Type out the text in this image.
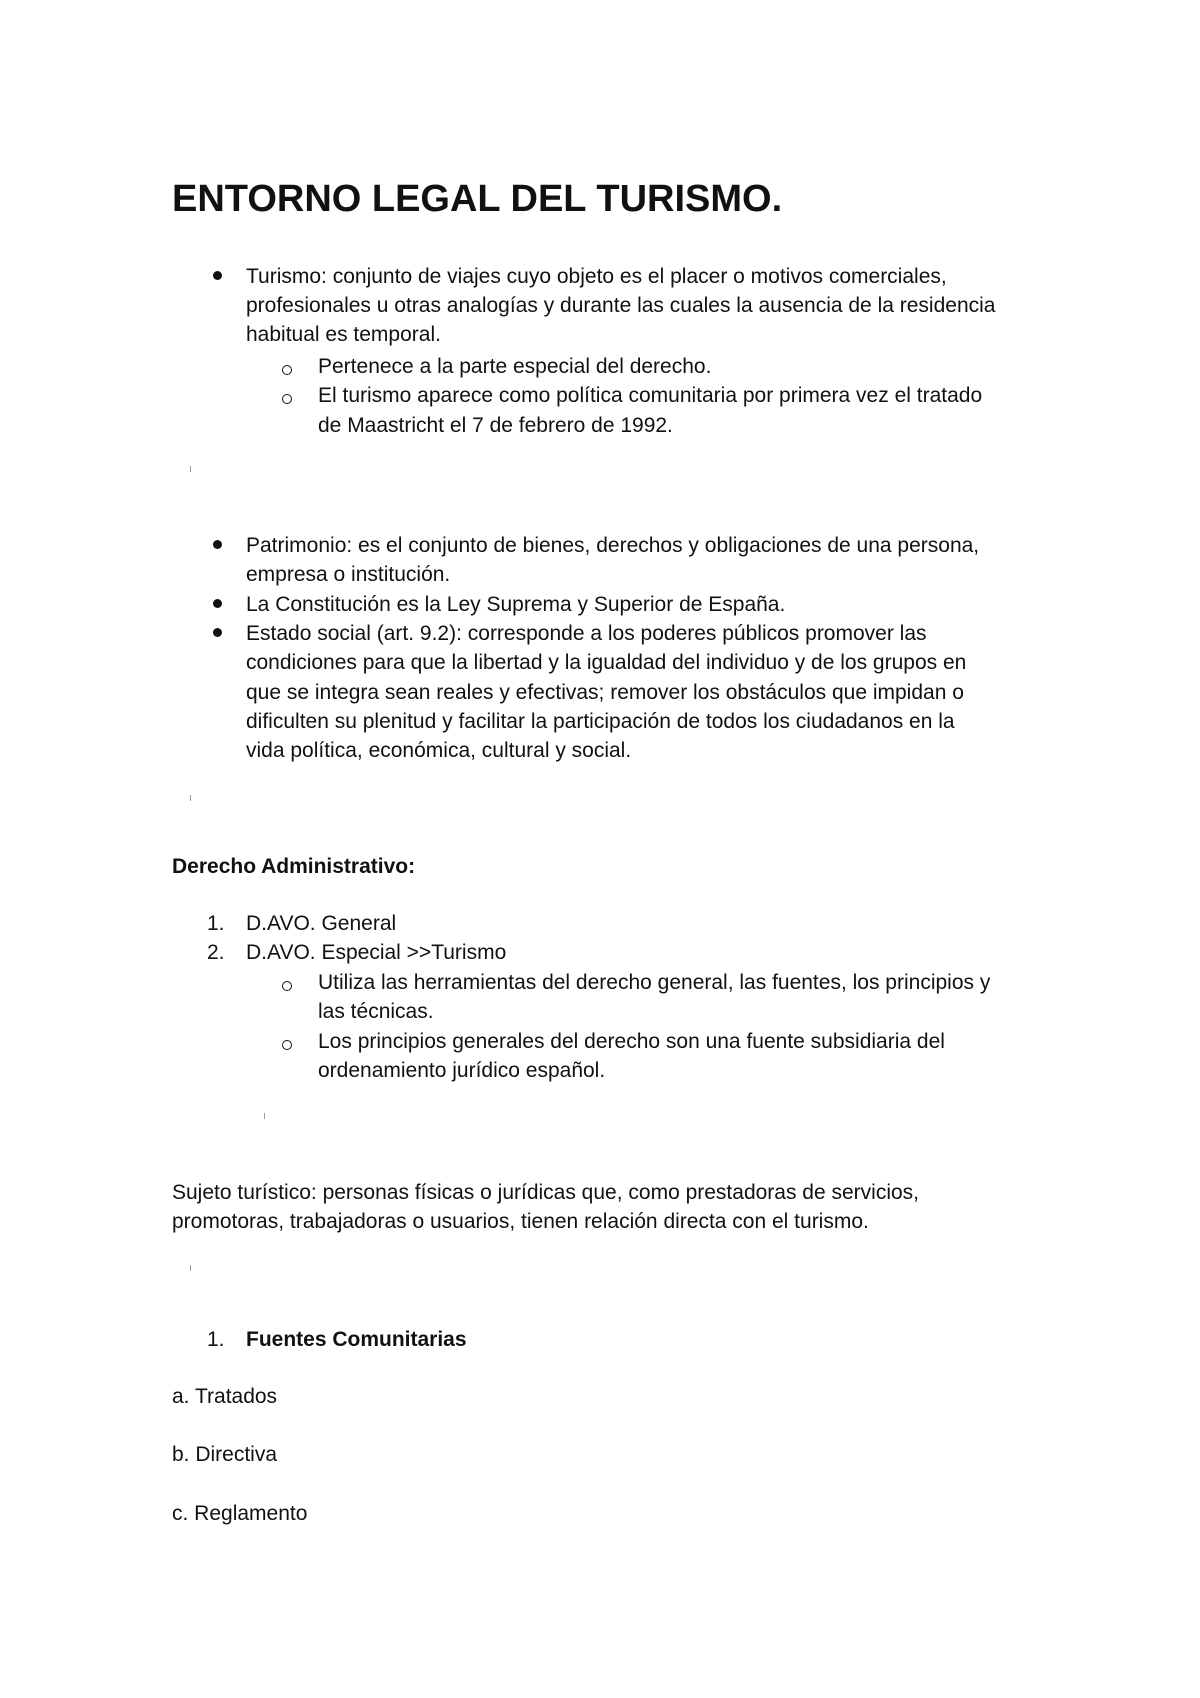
ENTORNO LEGAL DEL TURISMO.

Turismo: conjunto de viajes cuyo objeto es el placer o motivos comerciales,

profesionales u otras analogías y durante las cuales la ausencia de la residencia

habitual es temporal.

Pertenece a la parte especial del derecho.

El turismo aparece como política comunitaria por primera vez el tratado

de Maastricht el 7 de febrero de 1992.

Patrimonio: es el conjunto de bienes, derechos y obligaciones de una persona,

empresa o institución.

La Constitución es la Ley Suprema y Superior de España.

Estado social (art. 9.2): corresponde a los poderes públicos promover las

condiciones para que la libertad y la igualdad del individuo y de los grupos en

que se integra sean reales y efectivas; remover los obstáculos que impidan o

dificulten su plenitud y facilitar la participación de todos los ciudadanos en la

vida política, económica, cultural y social.

Derecho Administrativo:

1. D.AVO. General

2. D.AVO. Especial >>Turismo

Utiliza las herramientas del derecho general, las fuentes, los principios y

las técnicas.

Los principios generales del derecho son una fuente subsidiaria del

ordenamiento jurídico español.

Sujeto turístico: personas físicas o jurídicas que, como prestadoras de servicios,

promotoras, trabajadoras o usuarios, tienen relación directa con el turismo.

1. Fuentes Comunitarias

a. Tratados

b. Directiva

c. Reglamento
